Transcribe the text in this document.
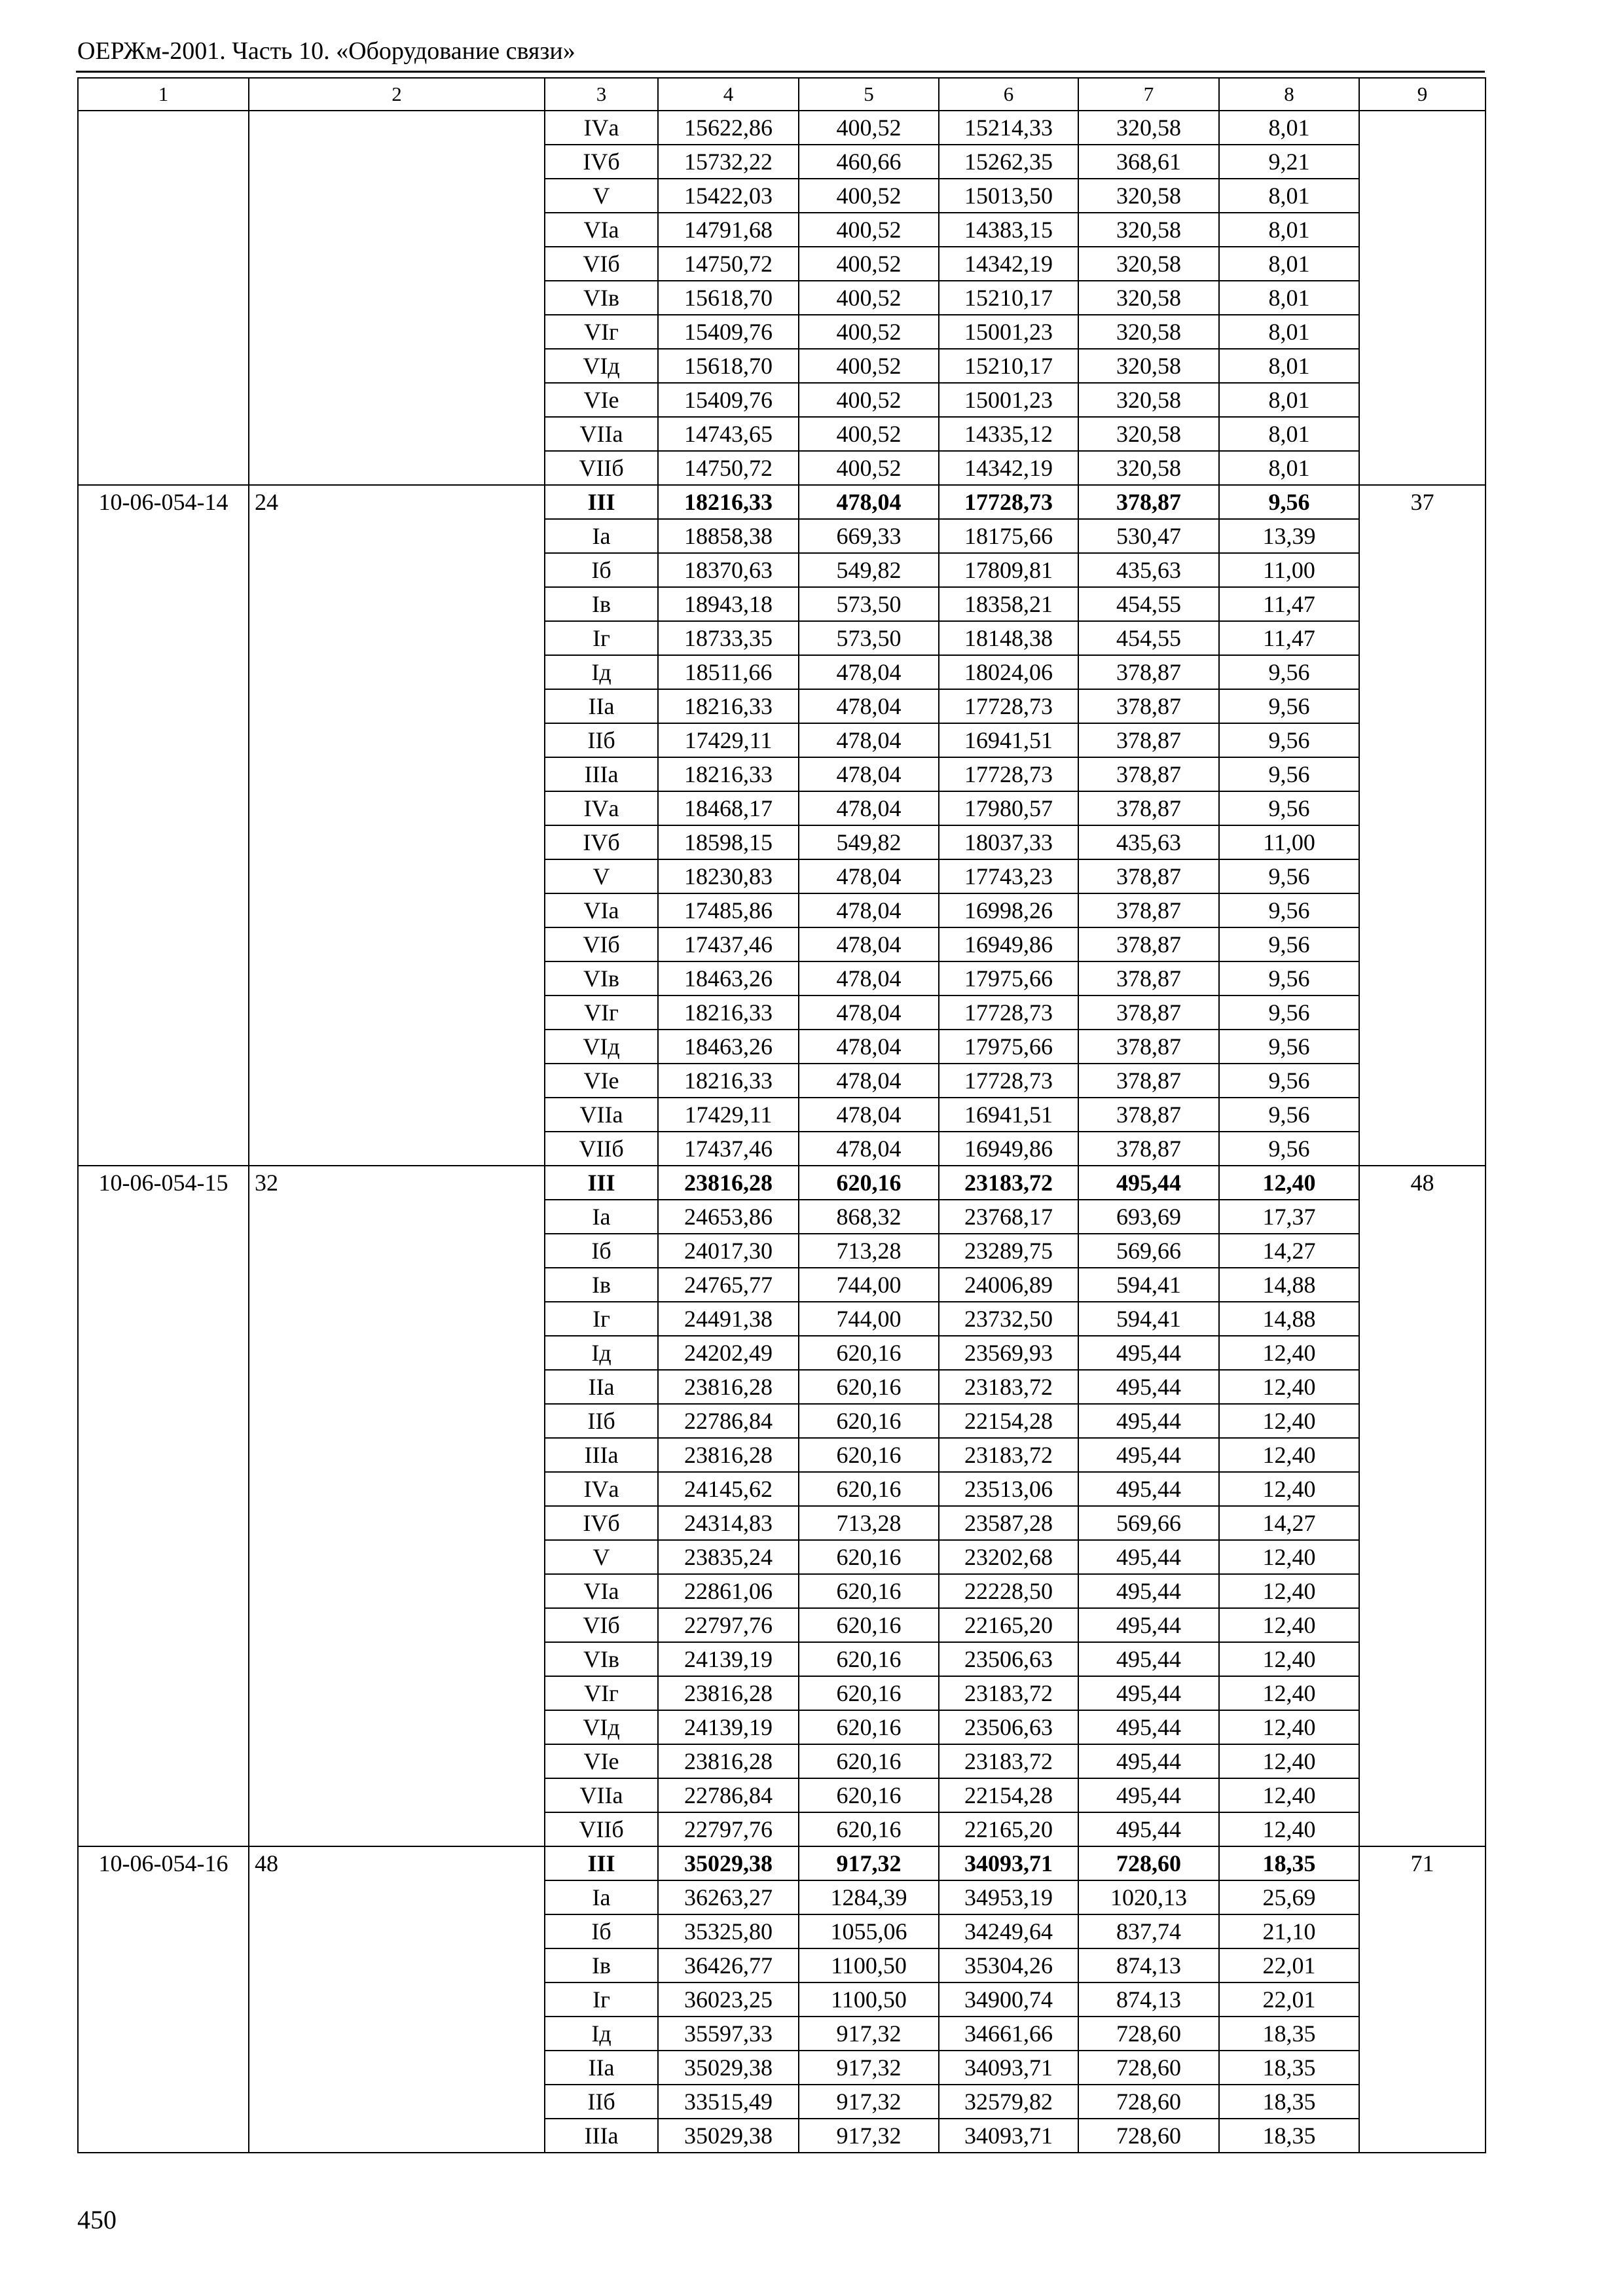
ОЕРЖм-2001. Часть 10. «Оборудование связи»
1	2	3	4	5	6	7	8	9
		IVа	15622,86	400,52	15214,33	320,58	8,01	
		IVб	15732,22	460,66	15262,35	368,61	9,21	
		V	15422,03	400,52	15013,50	320,58	8,01	
		VIа	14791,68	400,52	14383,15	320,58	8,01	
		VIб	14750,72	400,52	14342,19	320,58	8,01	
		VIв	15618,70	400,52	15210,17	320,58	8,01	
		VIг	15409,76	400,52	15001,23	320,58	8,01	
		VIд	15618,70	400,52	15210,17	320,58	8,01	
		VIе	15409,76	400,52	15001,23	320,58	8,01	
		VIIа	14743,65	400,52	14335,12	320,58	8,01	
		VIIб	14750,72	400,52	14342,19	320,58	8,01	
10-06-054-14	24	III	18216,33	478,04	17728,73	378,87	9,56	37
		Iа	18858,38	669,33	18175,66	530,47	13,39	
		Iб	18370,63	549,82	17809,81	435,63	11,00	
		Iв	18943,18	573,50	18358,21	454,55	11,47	
		Iг	18733,35	573,50	18148,38	454,55	11,47	
		Iд	18511,66	478,04	18024,06	378,87	9,56	
		IIа	18216,33	478,04	17728,73	378,87	9,56	
		IIб	17429,11	478,04	16941,51	378,87	9,56	
		IIIа	18216,33	478,04	17728,73	378,87	9,56	
		IVа	18468,17	478,04	17980,57	378,87	9,56	
		IVб	18598,15	549,82	18037,33	435,63	11,00	
		V	18230,83	478,04	17743,23	378,87	9,56	
		VIа	17485,86	478,04	16998,26	378,87	9,56	
		VIб	17437,46	478,04	16949,86	378,87	9,56	
		VIв	18463,26	478,04	17975,66	378,87	9,56	
		VIг	18216,33	478,04	17728,73	378,87	9,56	
		VIд	18463,26	478,04	17975,66	378,87	9,56	
		VIе	18216,33	478,04	17728,73	378,87	9,56	
		VIIа	17429,11	478,04	16941,51	378,87	9,56	
		VIIб	17437,46	478,04	16949,86	378,87	9,56	
10-06-054-15	32	III	23816,28	620,16	23183,72	495,44	12,40	48
		Iа	24653,86	868,32	23768,17	693,69	17,37	
		Iб	24017,30	713,28	23289,75	569,66	14,27	
		Iв	24765,77	744,00	24006,89	594,41	14,88	
		Iг	24491,38	744,00	23732,50	594,41	14,88	
		Iд	24202,49	620,16	23569,93	495,44	12,40	
		IIа	23816,28	620,16	23183,72	495,44	12,40	
		IIб	22786,84	620,16	22154,28	495,44	12,40	
		IIIа	23816,28	620,16	23183,72	495,44	12,40	
		IVа	24145,62	620,16	23513,06	495,44	12,40	
		IVб	24314,83	713,28	23587,28	569,66	14,27	
		V	23835,24	620,16	23202,68	495,44	12,40	
		VIа	22861,06	620,16	22228,50	495,44	12,40	
		VIб	22797,76	620,16	22165,20	495,44	12,40	
		VIв	24139,19	620,16	23506,63	495,44	12,40	
		VIг	23816,28	620,16	23183,72	495,44	12,40	
		VIд	24139,19	620,16	23506,63	495,44	12,40	
		VIе	23816,28	620,16	23183,72	495,44	12,40	
		VIIа	22786,84	620,16	22154,28	495,44	12,40	
		VIIб	22797,76	620,16	22165,20	495,44	12,40	
10-06-054-16	48	III	35029,38	917,32	34093,71	728,60	18,35	71
		Iа	36263,27	1284,39	34953,19	1020,13	25,69	
		Iб	35325,80	1055,06	34249,64	837,74	21,10	
		Iв	36426,77	1100,50	35304,26	874,13	22,01	
		Iг	36023,25	1100,50	34900,74	874,13	22,01	
		Iд	35597,33	917,32	34661,66	728,60	18,35	
		IIа	35029,38	917,32	34093,71	728,60	18,35	
		IIб	33515,49	917,32	32579,82	728,60	18,35	
		IIIа	35029,38	917,32	34093,71	728,60	18,35	
450
